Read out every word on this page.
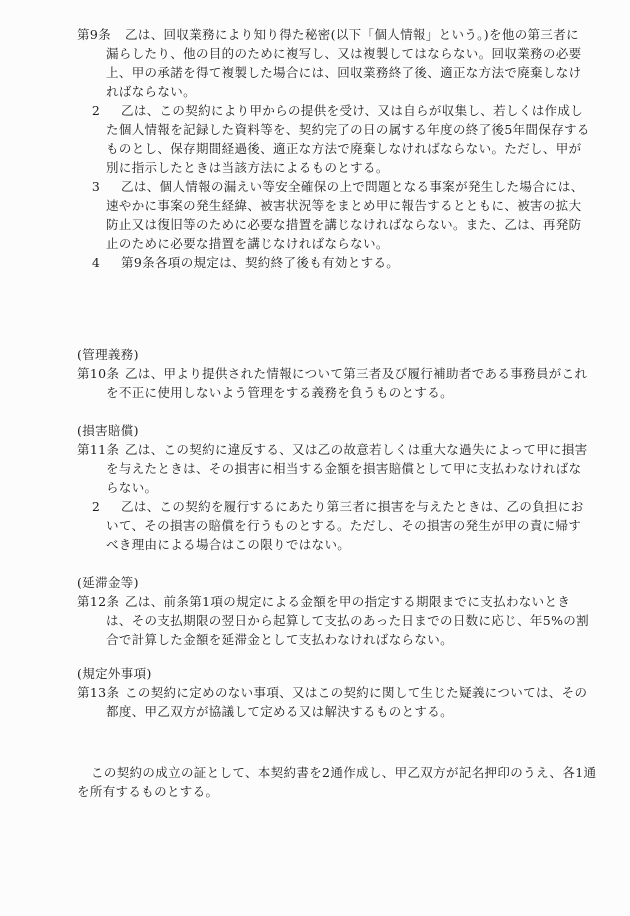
第9条 乙は、回収業務により知り得た秘密(以下「個人情報」という。)を他の第三者に
漏らしたり、他の目的のために複写し、又は複製してはならない。回収業務の必要
上、甲の承諾を得て複製した場合には、回収業務終了後、適正な方法で廃棄しなけ
ればならない。
2 乙は、この契約により甲からの提供を受け、又は自らが収集し、若しくは作成し
た個人情報を記録した資料等を、契約完了の日の属する年度の終了後5年間保存する
ものとし、保存期間経過後、適正な方法で廃棄しなければならない。ただし、甲が
別に指示したときは当該方法によるものとする。
3 乙は、個人情報の漏えい等安全確保の上で問題となる事案が発生した場合には、
速やかに事案の発生経緯、被害状況等をまとめ甲に報告するとともに、被害の拡大
防止又は復旧等のために必要な措置を講じなければならない。また、乙は、再発防
止のために必要な措置を講じなければならない。
4 第9条各項の規定は、契約終了後も有効とする。
(管理義務)
第10条 乙は、甲より提供された情報について第三者及び履行補助者である事務員がこれ
を不正に使用しないよう管理をする義務を負うものとする。
(損害賠償)
第11条 乙は、この契約に違反する、又は乙の故意若しくは重大な過失によって甲に損害
を与えたときは、その損害に相当する金額を損害賠償として甲に支払わなければな
らない。
2 乙は、この契約を履行するにあたり第三者に損害を与えたときは、乙の負担にお
いて、その損害の賠償を行うものとする。ただし、その損害の発生が甲の責に帰す
べき理由による場合はこの限りではない。
(延滞金等)
第12条 乙は、前条第1項の規定による金額を甲の指定する期限までに支払わないとき
は、その支払期限の翌日から起算して支払のあった日までの日数に応じ、年5%の割
合で計算した金額を延滞金として支払わなければならない。
(規定外事項)
第13条 この契約に定めのない事項、又はこの契約に関して生じた疑義については、その
都度、甲乙双方が協議して定める又は解決するものとする。
この契約の成立の証として、本契約書を2通作成し、甲乙双方が記名押印のうえ、各1通
を所有するものとする。
